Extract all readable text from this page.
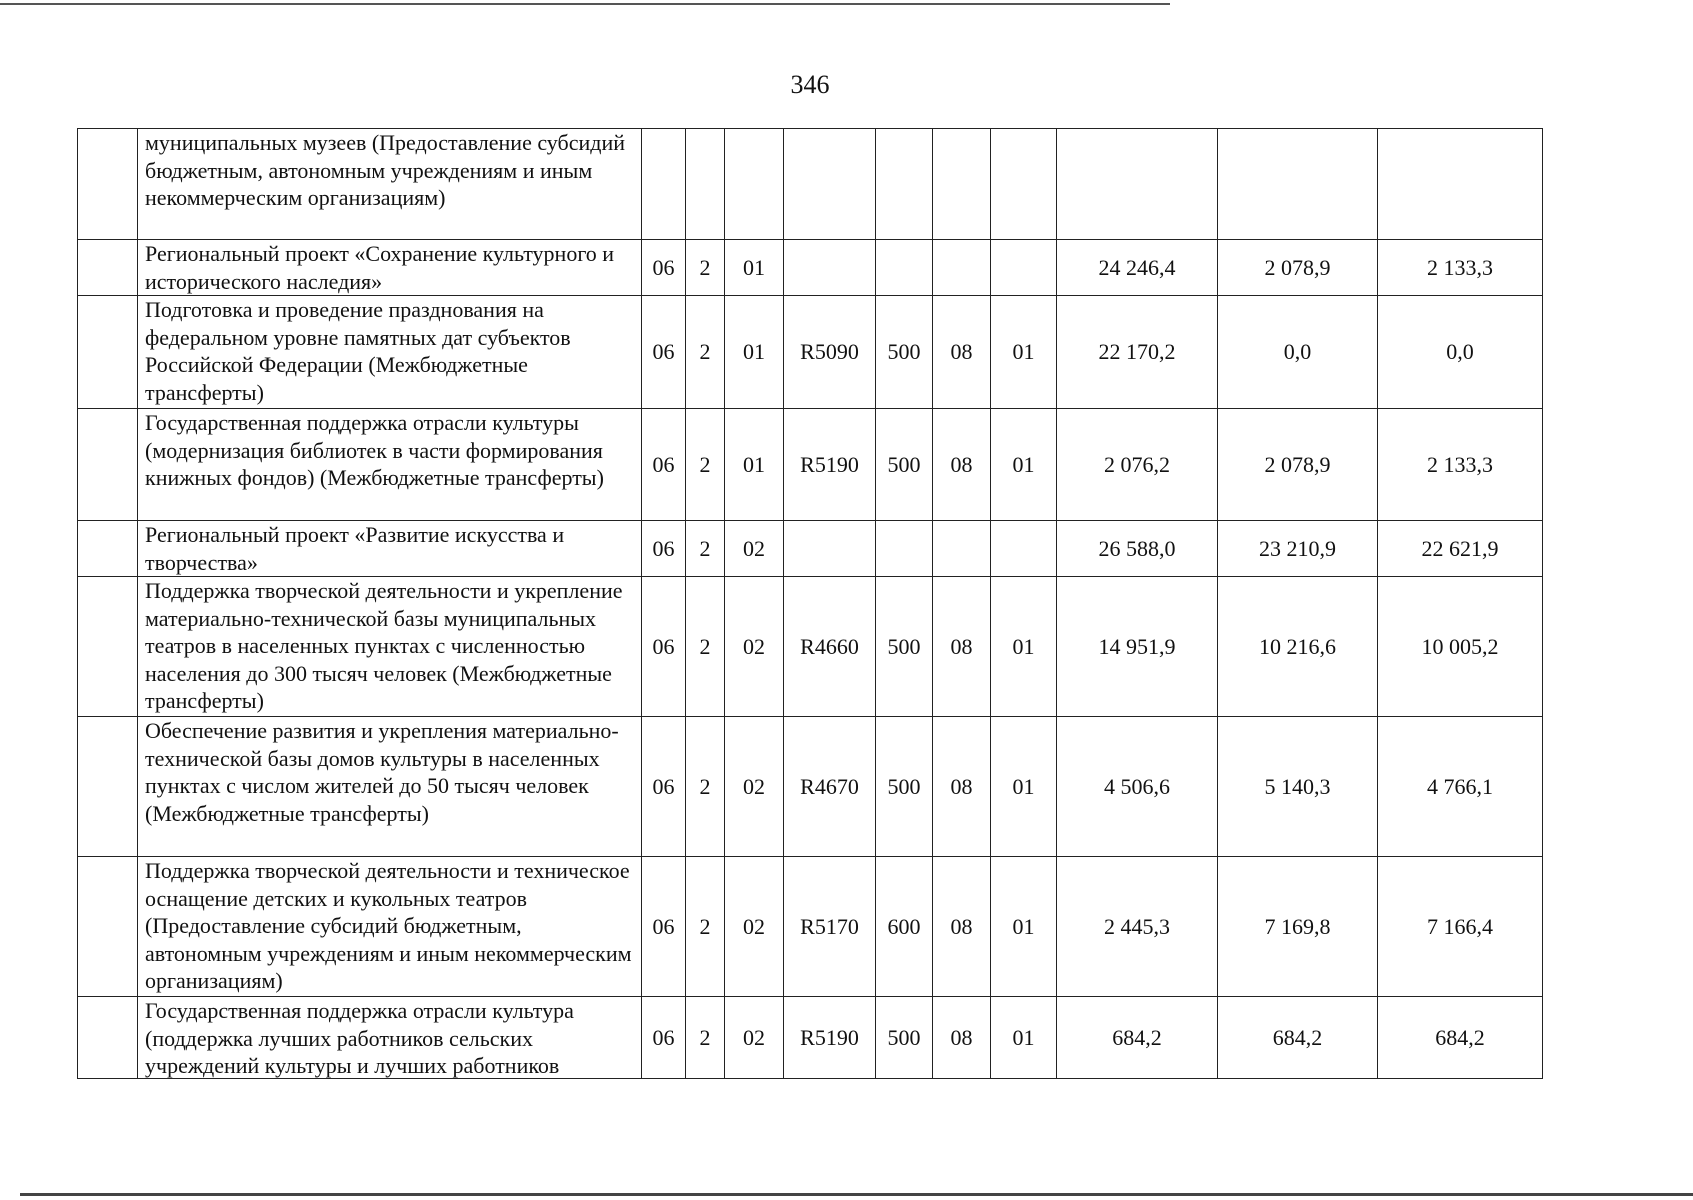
346
	муниципальных музеев (Предоставление субсидий бюджетным, автономным учреждениям и иным некоммерческим организациям)										
	Региональный проект «Сохранение культурного и исторического наследия»	06	2	01					24 246,4	2 078,9	2 133,3
	Подготовка и проведение празднования на федеральном уровне памятных дат субъектов Российской Федерации (Межбюджетные трансферты)	06	2	01	R5090	500	08	01	22 170,2	0,0	0,0
	Государственная поддержка отрасли культуры (модернизация библиотек в части формирования книжных фондов) (Межбюджетные трансферты)	06	2	01	R5190	500	08	01	2 076,2	2 078,9	2 133,3
	Региональный проект «Развитие искусства и творчества»	06	2	02					26 588,0	23 210,9	22 621,9
	Поддержка творческой деятельности и укрепление материально-технической базы муниципальных театров в населенных пунктах с численностью населения до 300 тысяч человек (Межбюджетные трансферты)	06	2	02	R4660	500	08	01	14 951,9	10 216,6	10 005,2
	Обеспечение развития и укрепления материально-технической базы домов культуры в населенных пунктах с числом жителей до 50 тысяч человек (Межбюджетные трансферты)	06	2	02	R4670	500	08	01	4 506,6	5 140,3	4 766,1
	Поддержка творческой деятельности и техническое оснащение детских и кукольных театров (Предоставление субсидий бюджетным, автономным учреждениям и иным некоммерческим организациям)	06	2	02	R5170	600	08	01	2 445,3	7 169,8	7 166,4

	Государственная поддержка отрасли культура (поддержка лучших работников сельских учреждений культуры и лучших работников	06	2	02	R5190	500	08	01	684,2	684,2	684,2
